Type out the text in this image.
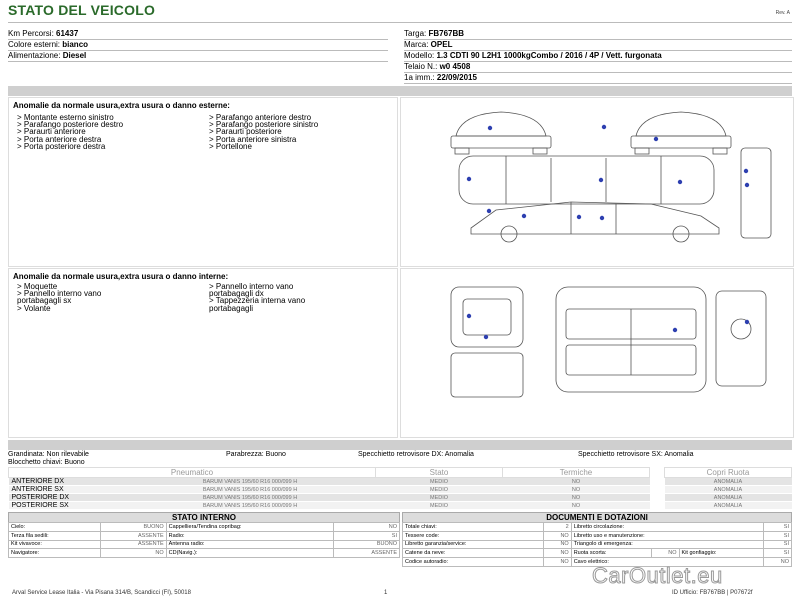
STATO DEL VEICOLO	Rev. A
Km Percorsi: 61437
Colore esterni: bianco
Alimentazione: Diesel
Targa: FB767BB
Marca: OPEL
Modello: 1.3 CDTI 90 L2H1 1000kgCombo / 2016 / 4P / Vett. furgonata
Telaio N.: w0 4508
1a imm.: 22/09/2015
Anomalie da normale usura,extra usura o danno esterne:
> Montante esterno sinistro
> Parafango posteriore destro
> Paraurti anteriore
> Porta anteriore destra
> Porta posteriore destra
> Parafango anteriore destro
> Parafango posteriore sinistro
> Paraurti posteriore
> Porta anteriore sinistra
> Portellone
Anomalie da normale usura,extra usura o danno interne:
> Moquette
> Pannello interno vano
portabagagli sx
> Volante
> Pannello interno vano
portabagagli dx
> Tappezzeria interna vano
portabagagli
Grandinata: Non rilevabile	Parabrezza: Buono	Specchietto retrovisore DX: Anomalia	Specchietto retrovisore SX: Anomalia
Blocchetto chiavi: Buono
Pneumatico		Stato	Termiche		Copri Ruota
ANTERIORE DX	BARUM VANIS 195/60 R16 000/099 H	MEDIO	NO		ANOMALIA
ANTERIORE SX	BARUM VANIS 195/60 R16 000/099 H	MEDIO	NO		ANOMALIA
POSTERIORE DX	BARUM VANIS 195/60 R16 000/099 H	MEDIO	NO		ANOMALIA
POSTERIORE SX	BARUM VANIS 195/60 R16 000/099 H	MEDIO	NO		ANOMALIA
STATO INTERNO
Cielo:	BUONO	Cappelliera/Tendina copribag:	NO
Terza fila sedili:	ASSENTE	Radio:	SI
Kit vivavoce:	ASSENTE	Antenna radio:	BUONO
Navigatore:	NO	CD(Navig.):	ASSENTE
DOCUMENTI E DOTAZIONI
Totale chiavi:	2	Libretto circolazione:			SI
Tessere code:	NO	Libretto uso e manutenzione:			SI
Libretto garanzia/service:	NO	Triangolo di emergenza:			SI
Catene da neve:	NO	Ruota scorta:	NO	Kit gonfiaggio:	SI
Codice autoradio:	NO	Cavo elettrico:			NO
Arval Service Lease Italia - Via Pisana 314/B, Scandicci (FI), 50018	1	ID Ufficio: FB767BB | P07672f
CarOutlet.eu
